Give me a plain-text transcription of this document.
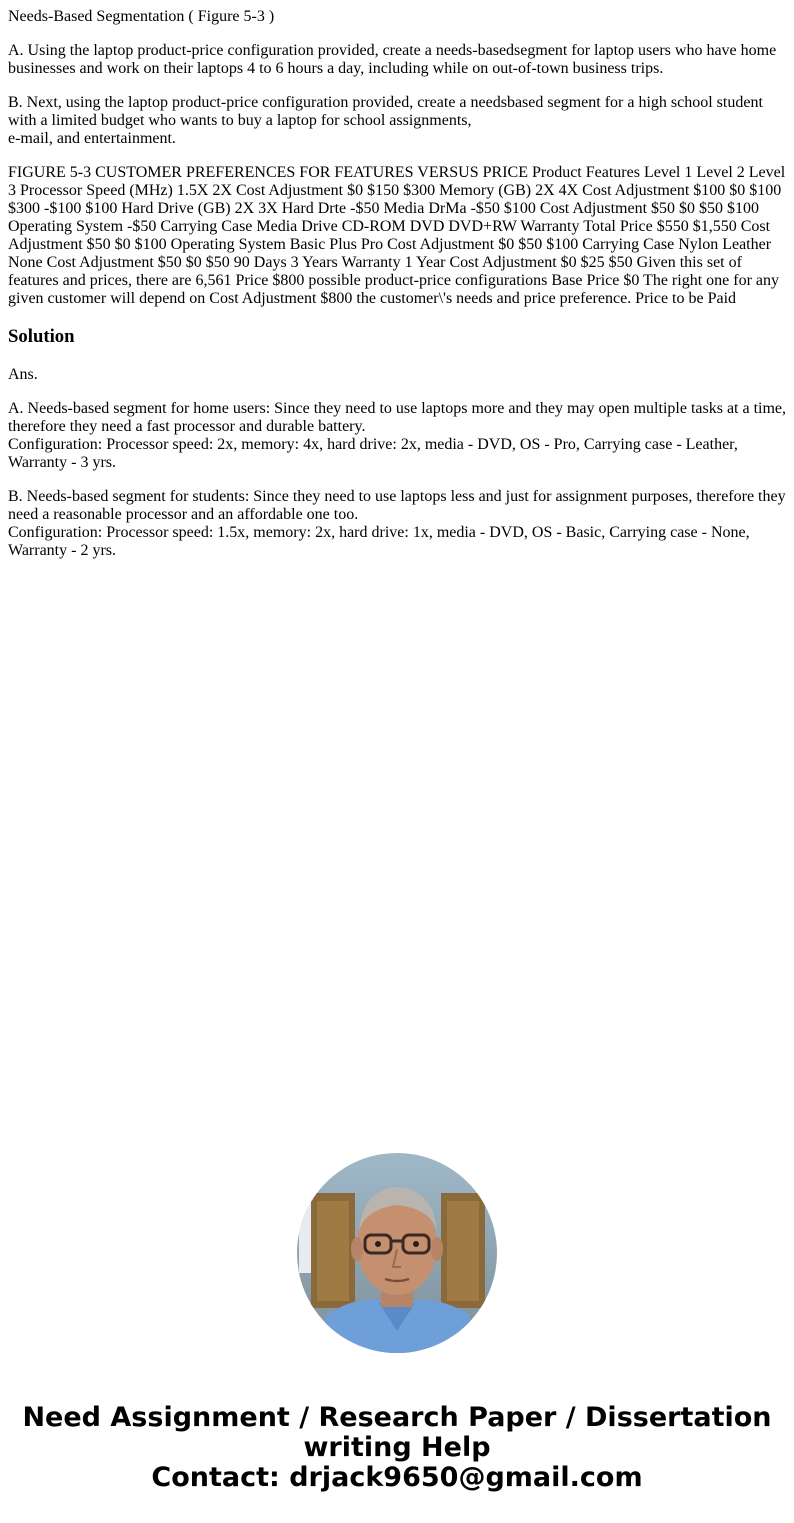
Needs-Based Segmentation ( Figure 5-3 )

A. Using the laptop product-price configuration provided, create a needs-basedsegment for laptop users who have home businesses and work on their laptops 4 to 6 hours a day, including while on out-of-town business trips.

B. Next, using the laptop product-price configuration provided, create a needsbased segment for a high school student with a limited budget who wants to buy a laptop for school assignments,
e-mail, and entertainment.

FIGURE 5-3 CUSTOMER PREFERENCES FOR FEATURES VERSUS PRICE Product Features Level 1 Level 2 Level 3 Processor Speed (MHz) 1.5X 2X Cost Adjustment $0 $150 $300 Memory (GB) 2X 4X Cost Adjustment $100 $0 $100 $300 -$100 $100 Hard Drive (GB) 2X 3X Hard Drte -$50 Media DrMa -$50 $100 Cost Adjustment $50 $0 $50 $100 Operating System -$50 Carrying Case Media Drive CD-ROM DVD DVD+RW Warranty Total Price $550 $1,550 Cost Adjustment $50 $0 $100 Operating System Basic Plus Pro Cost Adjustment $0 $50 $100 Carrying Case Nylon Leather None Cost Adjustment $50 $0 $50 90 Days 3 Years Warranty 1 Year Cost Adjustment $0 $25 $50 Given this set of features and prices, there are 6,561 Price $800 possible product-price configurations Base Price $0 The right one for any given customer will depend on Cost Adjustment $800 the customer\'s needs and price preference. Price to be Paid

Solution

Ans.

A. Needs-based segment for home users: Since they need to use laptops more and they may open multiple tasks at a time, therefore they need a fast processor and durable battery.
Configuration: Processor speed: 2x, memory: 4x, hard drive: 2x, media - DVD, OS - Pro, Carrying case - Leather, Warranty - 3 yrs.

B. Needs-based segment for students: Since they need to use laptops less and just for assignment purposes, therefore they need a reasonable processor and an affordable one too.
Configuration: Processor speed: 1.5x, memory: 2x, hard drive: 1x, media - DVD, OS - Basic, Carrying case - None, Warranty - 2 yrs.

Need Assignment / Research Paper / Dissertation
writing Help
Contact: drjack9650@gmail.com
